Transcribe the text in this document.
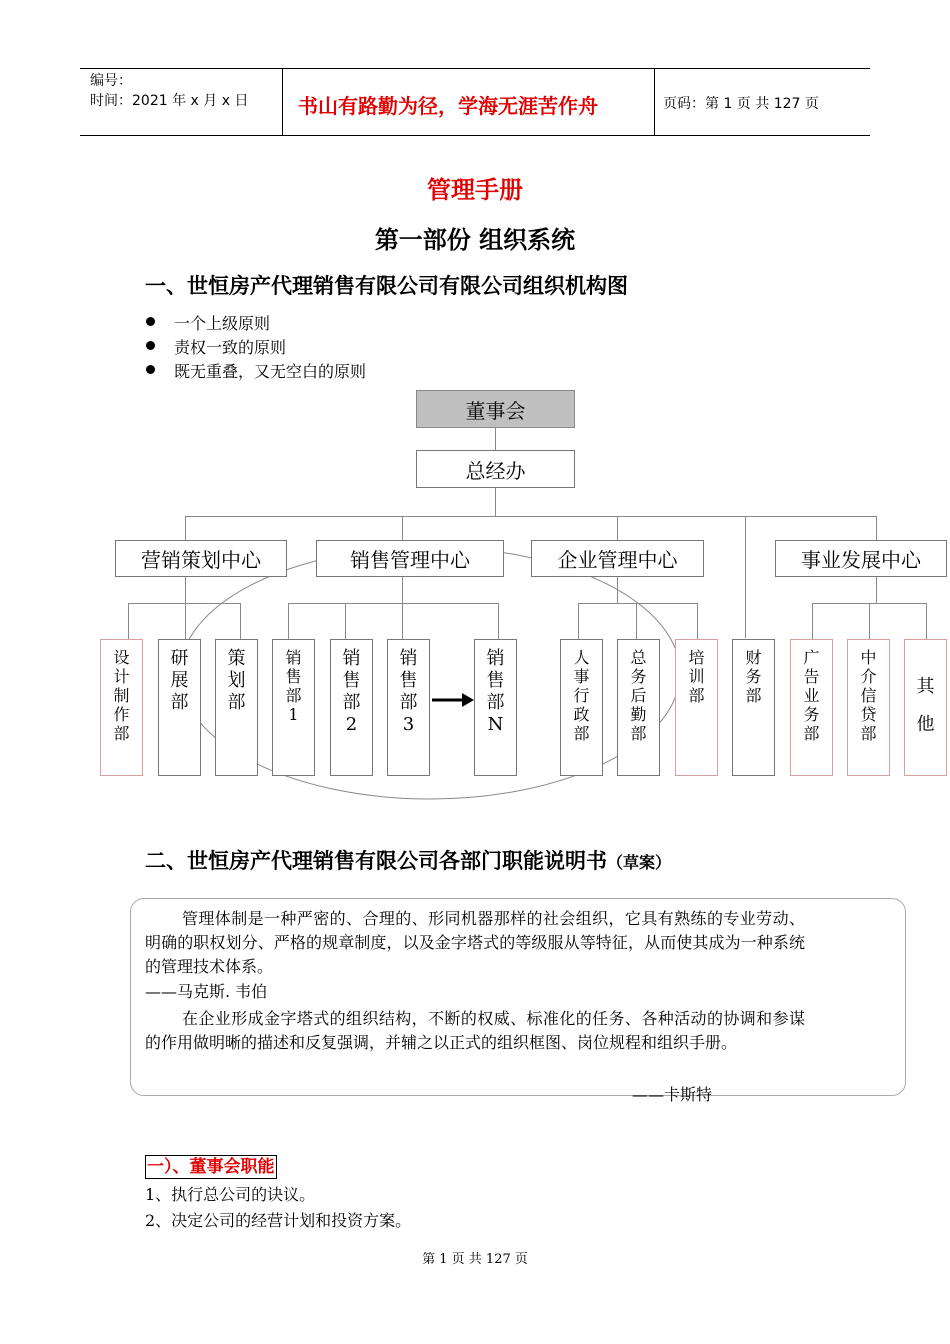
编号：
时间：2021 年 x 月 x 日 书山有路勤为径，学海无涯苦作舟	页码：第 1 页 共 127 页
管理手册
第一部份 组织系统
一、世恒房产代理销售有限公司有限公司组织机构图
一个上级原则
责权一致的原则
既无重叠，又无空白的原则
董事会
总经办
营销策划中心	销售管理中心	企业管理中心	事业发展中心
设
计
制
作
部
研
展
部
策
划
部
销
售
部
1
销
售
部
2
销
售
部
3
销
售
部
N
人
事
行
政
部
总
务
后
勤
部
培
训
部
财
务
部
广
告
业
务
部
中
介
信
贷
部
其
他
二、世恒房产代理销售有限公司各部门职能说明书（草案）
管理体制是一种严密的、合理的、形同机器那样的社会组织，它具有熟练的专业劳动、明确的职权划分、严格的规章制度，以及金字塔式的等级服从等特征，从而使其成为一种系统的管理技术体系。
——马克斯. 韦伯
在企业形成金字塔式的组织结构，不断的权威、标准化的任务、各种活动的协调和参谋的作用做明晰的描述和反复强调，并辅之以正式的组织框图、岗位规程和组织手册。
——卡斯特
一）、董事会职能
1、执行总公司的诀议。
2、决定公司的经营计划和投资方案。
第 1 页 共 127 页
